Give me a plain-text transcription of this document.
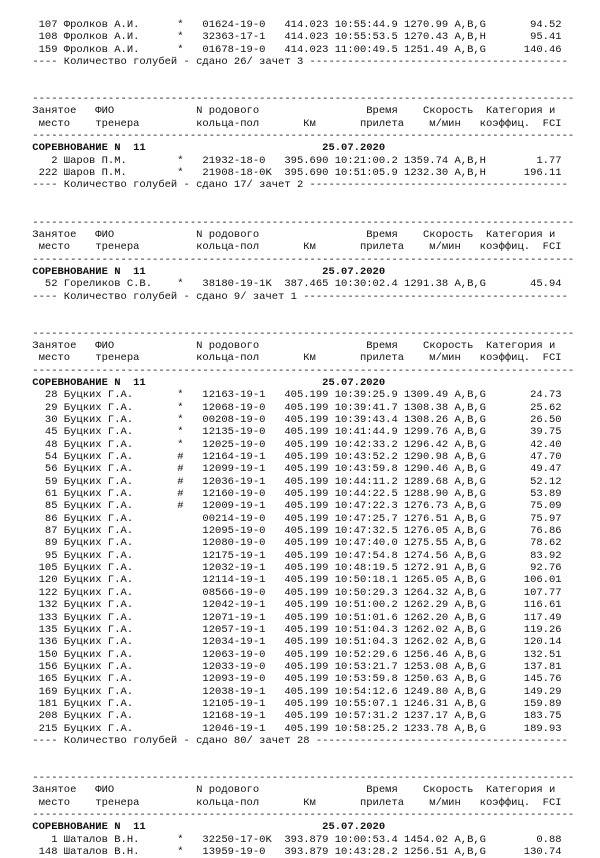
107 Фролков А.И.      *   01624-19-0   414.023 10:55:44.9 1270.99 A,B,G       94.52
108 Фролков А.И.      *   32363-17-1   414.023 10:55:53.5 1270.43 A,B,H       95.41
159 Фролков А.И.      *   01678-19-0   414.023 11:00:49.5 1251.49 A,B,G      140.46
---- Количество голубей - сдано 26/ зачет 3 -----------------------------------------

--------------------------------------------------------------------------------------
Занятое   ФИО             N родового                 Время    Скорость  Категория и
место    тренера         кольца-пол       Км       прилета    м/мин   коэффиц.  FCI
--------------------------------------------------------------------------------------
СОРЕВНОВАНИЕ N  11                            25.07.2020
2 Шаров П.М.        *   21932-18-0   395.690 10:21:00.2 1359.74 A,B,H        1.77
222 Шаров П.М.        *   21908-18-0K  395.690 10:51:05.9 1232.30 A,B,H      196.11
---- Количество голубей - сдано 17/ зачет 2 -----------------------------------------

--------------------------------------------------------------------------------------
Занятое   ФИО             N родового                 Время    Скорость  Категория и
место    тренера         кольца-пол       Км       прилета    м/мин   коэффиц.  FCI
--------------------------------------------------------------------------------------
СОРЕВНОВАНИЕ N  11                            25.07.2020
52 Гореликов С.В.    *   38180-19-1K  387.465 10:30:02.4 1291.38 A,B,G       45.94
---- Количество голубей - сдано 9/ зачет 1 ------------------------------------------

--------------------------------------------------------------------------------------
Занятое   ФИО             N родового                 Время    Скорость  Категория и
место    тренера         кольца-пол       Км       прилета    м/мин   коэффиц.  FCI
--------------------------------------------------------------------------------------
СОРЕВНОВАНИЕ N  11                            25.07.2020
28 Буцких Г.А.       *   12163-19-1   405.199 10:39:25.9 1309.49 A,B,G       24.73
29 Буцких Г.А.       *   12068-19-0   405.199 10:39:41.7 1308.38 A,B,G       25.62
30 Буцких Г.А.       *   00208-19-0   405.199 10:39:43.4 1308.26 A,B,G       26.50
45 Буцких Г.А.       *   12135-19-0   405.199 10:41:44.9 1299.76 A,B,G       39.75
48 Буцких Г.А.       *   12025-19-0   405.199 10:42:33.2 1296.42 A,B,G       42.40
54 Буцких Г.А.       #   12164-19-1   405.199 10:43:52.2 1290.98 A,B,G       47.70
56 Буцких Г.А.       #   12099-19-1   405.199 10:43:59.8 1290.46 A,B,G       49.47
59 Буцких Г.А.       #   12036-19-1   405.199 10:44:11.2 1289.68 A,B,G       52.12
61 Буцких Г.А.       #   12160-19-0   405.199 10:44:22.5 1288.90 A,B,G       53.89
85 Буцких Г.А.       #   12009-19-1   405.199 10:47:22.3 1276.73 A,B,G       75.09
86 Буцких Г.А.           00214-19-0   405.199 10:47:25.7 1276.51 A,B,G       75.97
87 Буцких Г.А.           12095-19-0   405.199 10:47:32.5 1276.05 A,B,G       76.86
89 Буцких Г.А.           12080-19-0   405.199 10:47:40.0 1275.55 A,B,G       78.62
95 Буцких Г.А.           12175-19-1   405.199 10:47:54.8 1274.56 A,B,G       83.92
105 Буцких Г.А.           12032-19-1   405.199 10:48:19.5 1272.91 A,B,G       92.76
120 Буцких Г.А.           12114-19-1   405.199 10:50:18.1 1265.05 A,B,G      106.01
122 Буцких Г.А.           08566-19-0   405.199 10:50:29.3 1264.32 A,B,G      107.77
132 Буцких Г.А.           12042-19-1   405.199 10:51:00.2 1262.29 A,B,G      116.61
133 Буцких Г.А.           12071-19-1   405.199 10:51:01.6 1262.20 A,B,G      117.49
135 Буцких Г.А.           12057-19-1   405.199 10:51:04.3 1262.02 A,B,G      119.26
136 Буцких Г.А.           12034-19-1   405.199 10:51:04.3 1262.02 A,B,G      120.14
150 Буцких Г.А.           12063-19-0   405.199 10:52:29.6 1256.46 A,B,G      132.51
156 Буцких Г.А.           12033-19-0   405.199 10:53:21.7 1253.08 A,B,G      137.81
165 Буцких Г.А.           12093-19-0   405.199 10:53:59.8 1250.63 A,B,G      145.76
169 Буцких Г.А.           12038-19-1   405.199 10:54:12.6 1249.80 A,B,G      149.29
181 Буцких Г.А.           12105-19-1   405.199 10:55:07.1 1246.31 A,B,G      159.89
208 Буцких Г.А.           12168-19-1   405.199 10:57:31.2 1237.17 A,B,G      183.75
215 Буцких Г.А.           12046-19-1   405.199 10:58:25.2 1233.78 A,B,G      189.93
---- Количество голубей - сдано 80/ зачет 28 ----------------------------------------

--------------------------------------------------------------------------------------
Занятое   ФИО             N родового                 Время    Скорость  Категория и
место    тренера         кольца-пол       Км       прилета    м/мин   коэффиц.  FCI
--------------------------------------------------------------------------------------
СОРЕВНОВАНИЕ N  11                            25.07.2020
1 Шаталов В.Н.      *   32250-17-0K  393.879 10:00:53.4 1454.02 A,B,G        0.88
148 Шаталов В.Н.      *   13959-19-0   393.879 10:43:28.2 1256.51 A,B,G      130.74
